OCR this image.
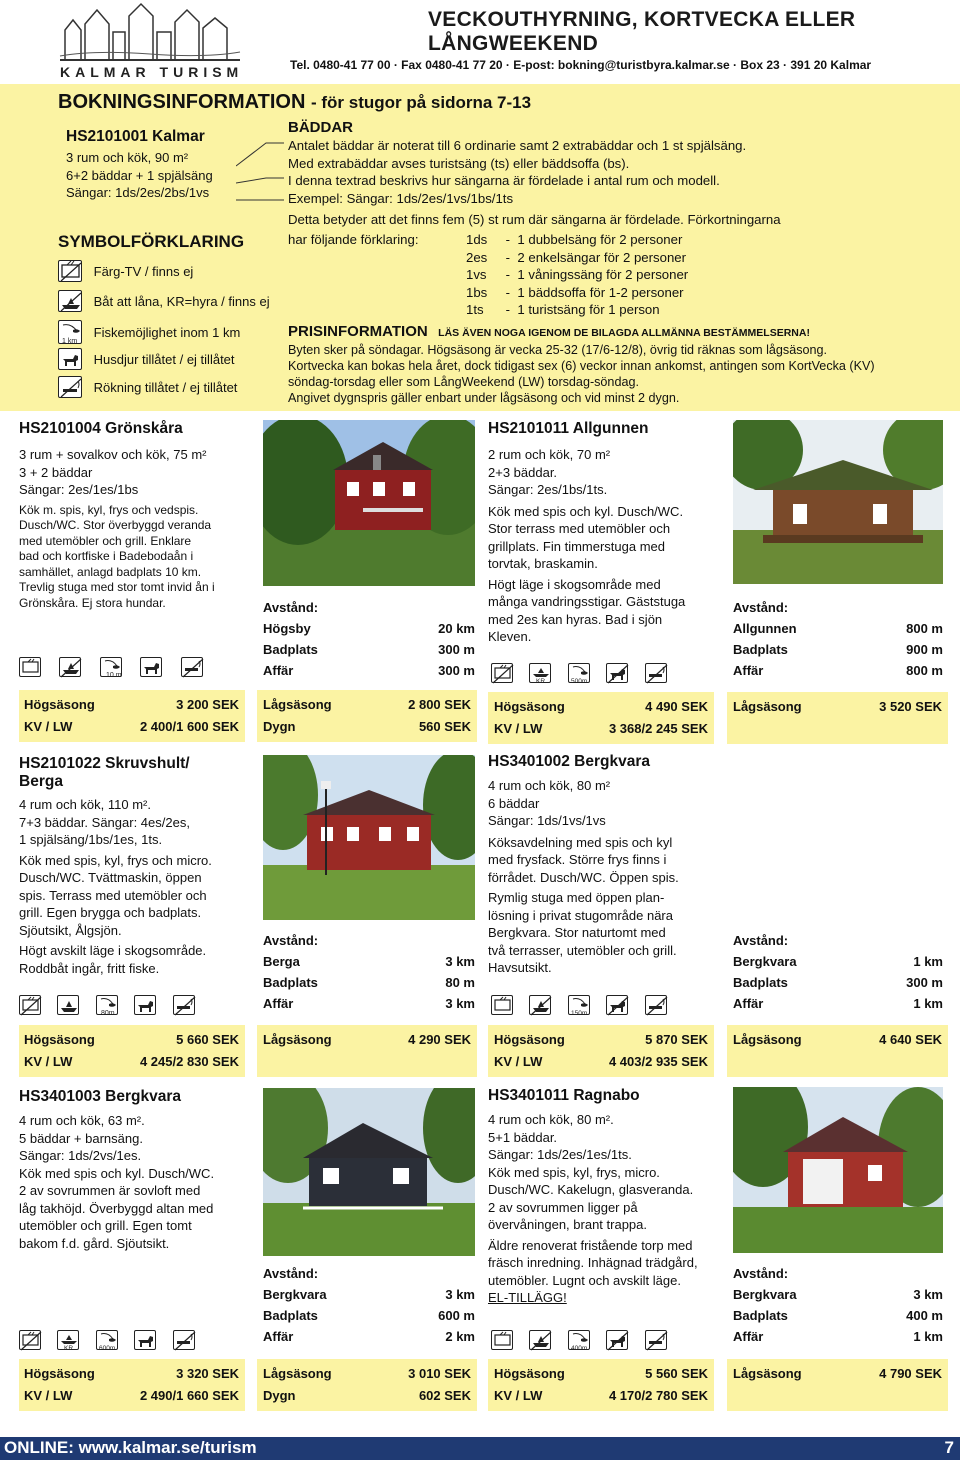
KALMAR TURISM
VECKOUTHYRNING, KORTVECKA ELLER LÅNGWEEKEND
Tel. 0480-41 77 00 · Fax 0480-41 77 20 · E-post: bokning@turistbyra.kalmar.se · Box 23 · 391 20 Kalmar
BOKNINGSINFORMATION - för stugor på sidorna 7-13
HS2101001 Kalmar
3 rum och kök, 90 m²
6+2 bäddar + 1 spjälsäng
Sängar: 1ds/2es/2bs/1vs
SYMBOLFÖRKLARING
Färg-TV / finns ej
Båt att låna, KR=hyra / finns ej
1 km
Fiskemöjlighet inom 1 km
Husdjur tillåtet / ej tillåtet
Rökning tillåtet / ej tillåtet
BÄDDAR
Antalet bäddar är noterat till 6 ordinarie samt 2 extrabäddar och 1 st spjälsäng.
Med extrabäddar avses turistsäng (ts) eller bäddsoffa (bs).
I denna textrad beskrivs hur sängarna är fördelade i antal rum och modell.
Exempel: Sängar: 1ds/2es/1vs/1bs/1ts
Detta betyder att det finns fem (5) st rum där sängarna är fördelade. Förkortningarna
har följande förklaring:	1ds -  1 dubbelsäng för 2 personer
2es -  2 enkelsängar för 2 personer
1vs -  1 våningssäng för 2 personer
1bs -  1 bäddsoffa för 1-2 personer
1ts -  1 turistsäng för 1 person
PRISINFORMATION LÄS ÄVEN NOGA IGENOM DE BILAGDA ALLMÄNNA BESTÄMMELSERNA!
Byten sker på söndagar. Högsäsong är vecka 25-32 (17/6-12/8), övrig tid räknas som lågsäsong.
Kortvecka kan bokas hela året, dock tidigast sex (6) veckor innan ankomst, antingen som KortVecka (KV)
söndag-torsdag eller som LångWeekend (LW) torsdag-söndag.
Angivet dygnspris gäller enbart under lågsäsong och vid minst 2 dygn.
HS2101004 Grönskåra
3 rum + sovalkov och kök, 75 m²
3 + 2 bäddar
Sängar: 2es/1es/1bs
Kök m. spis, kyl, frys och vedspis.
Dusch/WC. Stor överbyggd veranda
med utemöbler och grill. Enklare
bad och kortfiske i Badebodaån i
samhället, anlagd badplats 10 km.
Trevlig stuga med stor tomt invid ån i
Grönskåra. Ej stora hundar.

10 m

Avstånd:
Högsby	20 km
Badplats	300 m
Affär	300 m
Högsäsong	3 200 SEK
KV / LW	2 400/1 600 SEK
Lågsäsong	2 800 SEK
Dygn	560 SEK
HS2101011 Allgunnen
2 rum och kök, 70 m²
2+3 bäddar.
Sängar: 2es/1bs/1ts.
Kök med spis och kyl. Dusch/WC.
Stor terrass med utemöbler och
grillplats. Fin timmerstuga med
torvtak, braskamin.
Högt läge i skogsområde med
många vandringsstigar. Gäststuga
med 2es kan hyras. Bad i sjön
Kleven.

KR
	500m

Avstånd:
Allgunnen	800 m
Badplats	900 m
Affär	800 m
Högsäsong	4 490 SEK
KV / LW	3 368/2 245 SEK
Lågsäsong	3 520 SEK
HS2101022 Skruvshult/
Berga
4 rum och kök, 110 m².
7+3 bäddar. Sängar: 4es/2es,
1 spjälsäng/1bs/1es, 1ts.
Kök med spis, kyl, frys och micro.
Dusch/WC. Tvättmaskin, öppen
spis. Terrass med utemöbler och
grill. Egen brygga och badplats.
Sjöutsikt, Ålgsjön.
Högt avskilt läge i skogsområde.
Roddbåt ingår, fritt fiske.

80m

Avstånd:
Berga	3 km
Badplats	80 m
Affär	3 km
Högsäsong	5 660 SEK
KV / LW	4 245/2 830 SEK
Lågsäsong	4 290 SEK
HS3401002 Bergkvara
4 rum och kök, 80 m²
6 bäddar
Sängar: 1ds/1vs/1vs
Köksavdelning med spis och kyl
med frysfack. Större frys finns i
förrådet. Dusch/WC. Öppen spis.
Rymlig stuga med öppen plan-
lösning i privat stugområde nära
Bergkvara. Stor naturtomt med
två terrasser, utemöbler och grill.
Havsutsikt.

150m

Avstånd:
Bergkvara	1 km
Badplats	300 m
Affär	1 km
Högsäsong	5 870 SEK
KV / LW	4 403/2 935 SEK
Lågsäsong	4 640 SEK
HS3401003 Bergkvara
4 rum och kök, 63 m².
5 bäddar + barnsäng.
Sängar: 1ds/2vs/1es.
Kök med spis och kyl. Dusch/WC.
2 av sovrummen är sovloft med
låg takhöjd. Överbyggd altan med
utemöbler och grill. Egen tomt
bakom f.d. gård. Sjöutsikt.

KR
	600m

Avstånd:
Bergkvara	3 km
Badplats	600 m
Affär	2 km
Högsäsong	3 320 SEK
KV / LW	2 490/1 660 SEK
Lågsäsong	3 010 SEK
Dygn	602 SEK
HS3401011 Ragnabo
4 rum och kök, 80 m².
5+1 bäddar.
Sängar: 1ds/2es/1es/1ts.
Kök med spis, kyl, frys, micro.
Dusch/WC. Kakelugn, glasveranda.
2 av sovrummen ligger på
övervåningen, brant trappa.
Äldre renoverat fristående torp med
fräsch inredning. Inhägnad trädgård,
utemöbler. Lugnt och avskilt läge.
EL-TILLÄGG!

400m

Avstånd:
Bergkvara	3 km
Badplats	400 m
Affär	1 km
Högsäsong	5 560 SEK
KV / LW	4 170/2 780 SEK
Lågsäsong	4 790 SEK
ONLINE: www.kalmar.se/turism	7
